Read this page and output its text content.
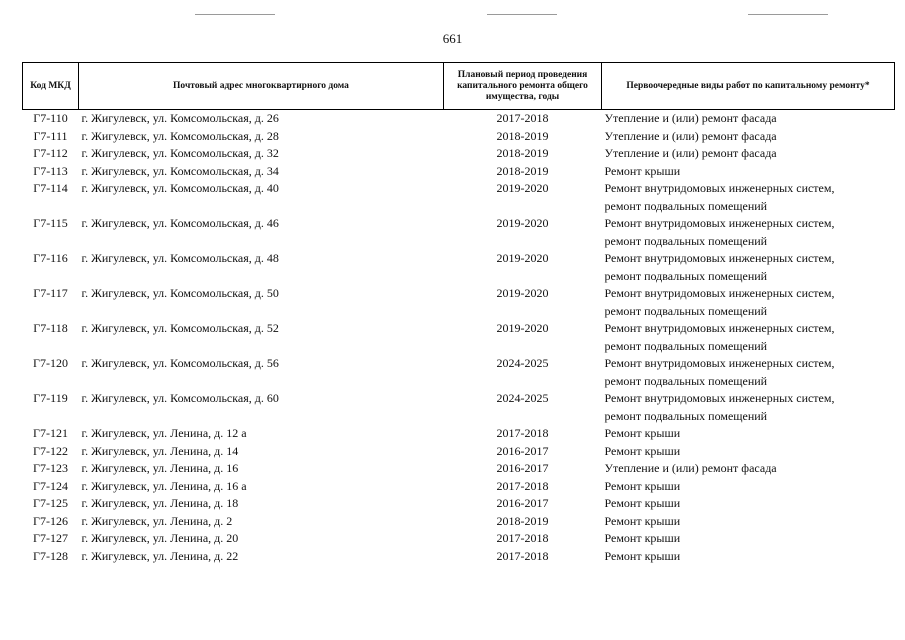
661
Код МКД	Почтовый адрес многоквартирного дома	Плановый период проведения капитального ремонта общего имущества, годы	Первоочередные виды работ по капитальному ремонту*
Г7-110	г. Жигулевск, ул. Комсомольская, д. 26	2017-2018	Утепление и (или) ремонт фасада

Г7-111	г. Жигулевск, ул. Комсомольская, д. 28	2018-2019	Утепление и (или) ремонт фасада

Г7-112	г. Жигулевск, ул. Комсомольская, д. 32	2018-2019	Утепление и (или) ремонт фасада

Г7-113	г. Жигулевск, ул. Комсомольская, д. 34	2018-2019	Ремонт крыши

Г7-114	г. Жигулевск, ул. Комсомольская, д. 40	2019-2020	Ремонт внутридомовых инженерных систем,
ремонт подвальных помещений

Г7-115	г. Жигулевск, ул. Комсомольская, д. 46	2019-2020	Ремонт внутридомовых инженерных систем,
ремонт подвальных помещений

Г7-116	г. Жигулевск, ул. Комсомольская, д. 48	2019-2020	Ремонт внутридомовых инженерных систем,
ремонт подвальных помещений

Г7-117	г. Жигулевск, ул. Комсомольская, д. 50	2019-2020	Ремонт внутридомовых инженерных систем,
ремонт подвальных помещений

Г7-118	г. Жигулевск, ул. Комсомольская, д. 52	2019-2020	Ремонт внутридомовых инженерных систем,
ремонт подвальных помещений

Г7-120	г. Жигулевск, ул. Комсомольская, д. 56	2024-2025	Ремонт внутридомовых инженерных систем,
ремонт подвальных помещений

Г7-119	г. Жигулевск, ул. Комсомольская, д. 60	2024-2025	Ремонт внутридомовых инженерных систем,
ремонт подвальных помещений

Г7-121	г. Жигулевск, ул. Ленина, д. 12 а	2017-2018	Ремонт крыши

Г7-122	г. Жигулевск, ул. Ленина, д. 14	2016-2017	Ремонт крыши

Г7-123	г. Жигулевск, ул. Ленина, д. 16	2016-2017	Утепление и (или) ремонт фасада

Г7-124	г. Жигулевск, ул. Ленина, д. 16 а	2017-2018	Ремонт крыши

Г7-125	г. Жигулевск, ул. Ленина, д. 18	2016-2017	Ремонт крыши

Г7-126	г. Жигулевск, ул. Ленина, д. 2	2018-2019	Ремонт крыши

Г7-127	г. Жигулевск, ул. Ленина, д. 20	2017-2018	Ремонт крыши

Г7-128	г. Жигулевск, ул. Ленина, д. 22	2017-2018	Ремонт крыши
